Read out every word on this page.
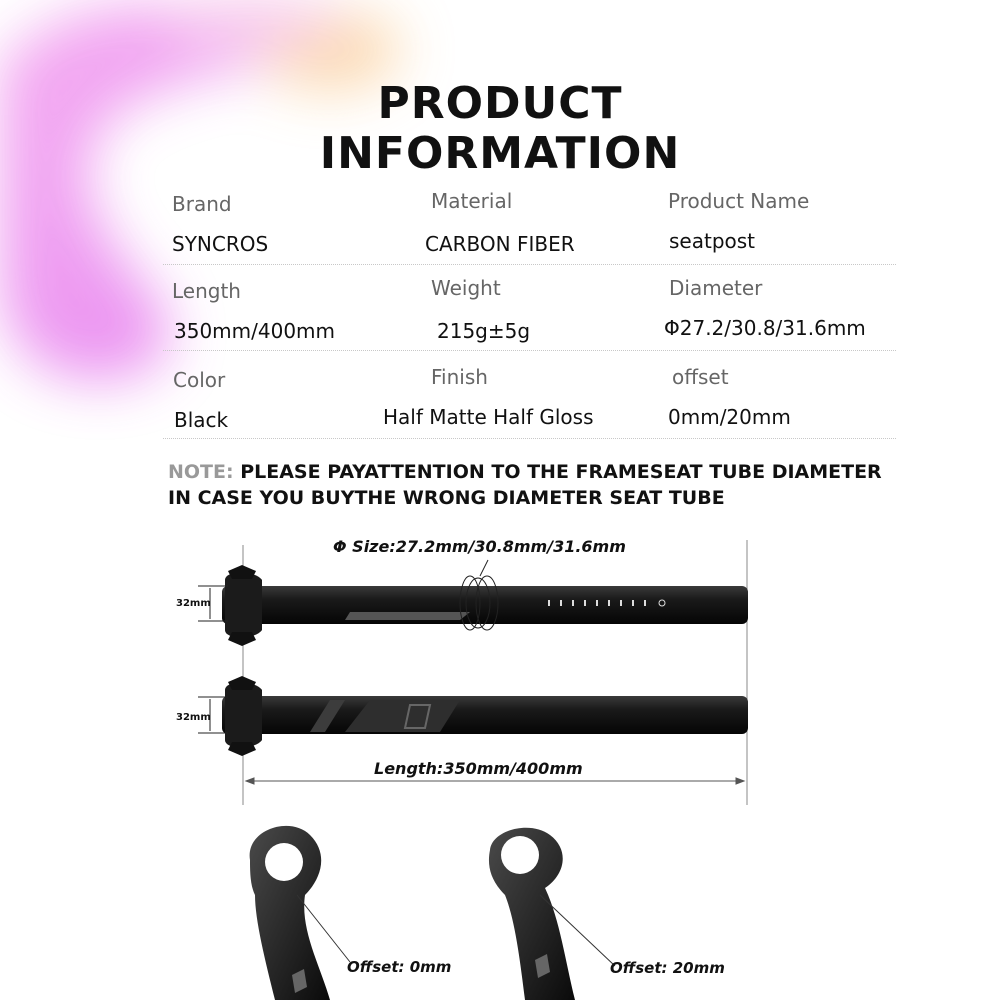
PRODUCT
INFORMATION
Brand
SYNCROS
Material
CARBON FIBER
Product Name
seatpost
Length
350mm/400mm
Weight
215g±5g
Diameter
Φ27.2/30.8/31.6mm
Color
Black
Finish
Half Matte Half Gloss
offset
0mm/20mm
NOTE: PLEASE PAYATTENTION TO THE FRAMESEAT TUBE DIAMETER
IN CASE YOU BUYTHE WRONG DIAMETER SEAT TUBE
Φ Size:27.2mm/30.8mm/31.6mm
32mm
32mm
Length:350mm/400mm
Offset: 0mm	Offset: 20mm
